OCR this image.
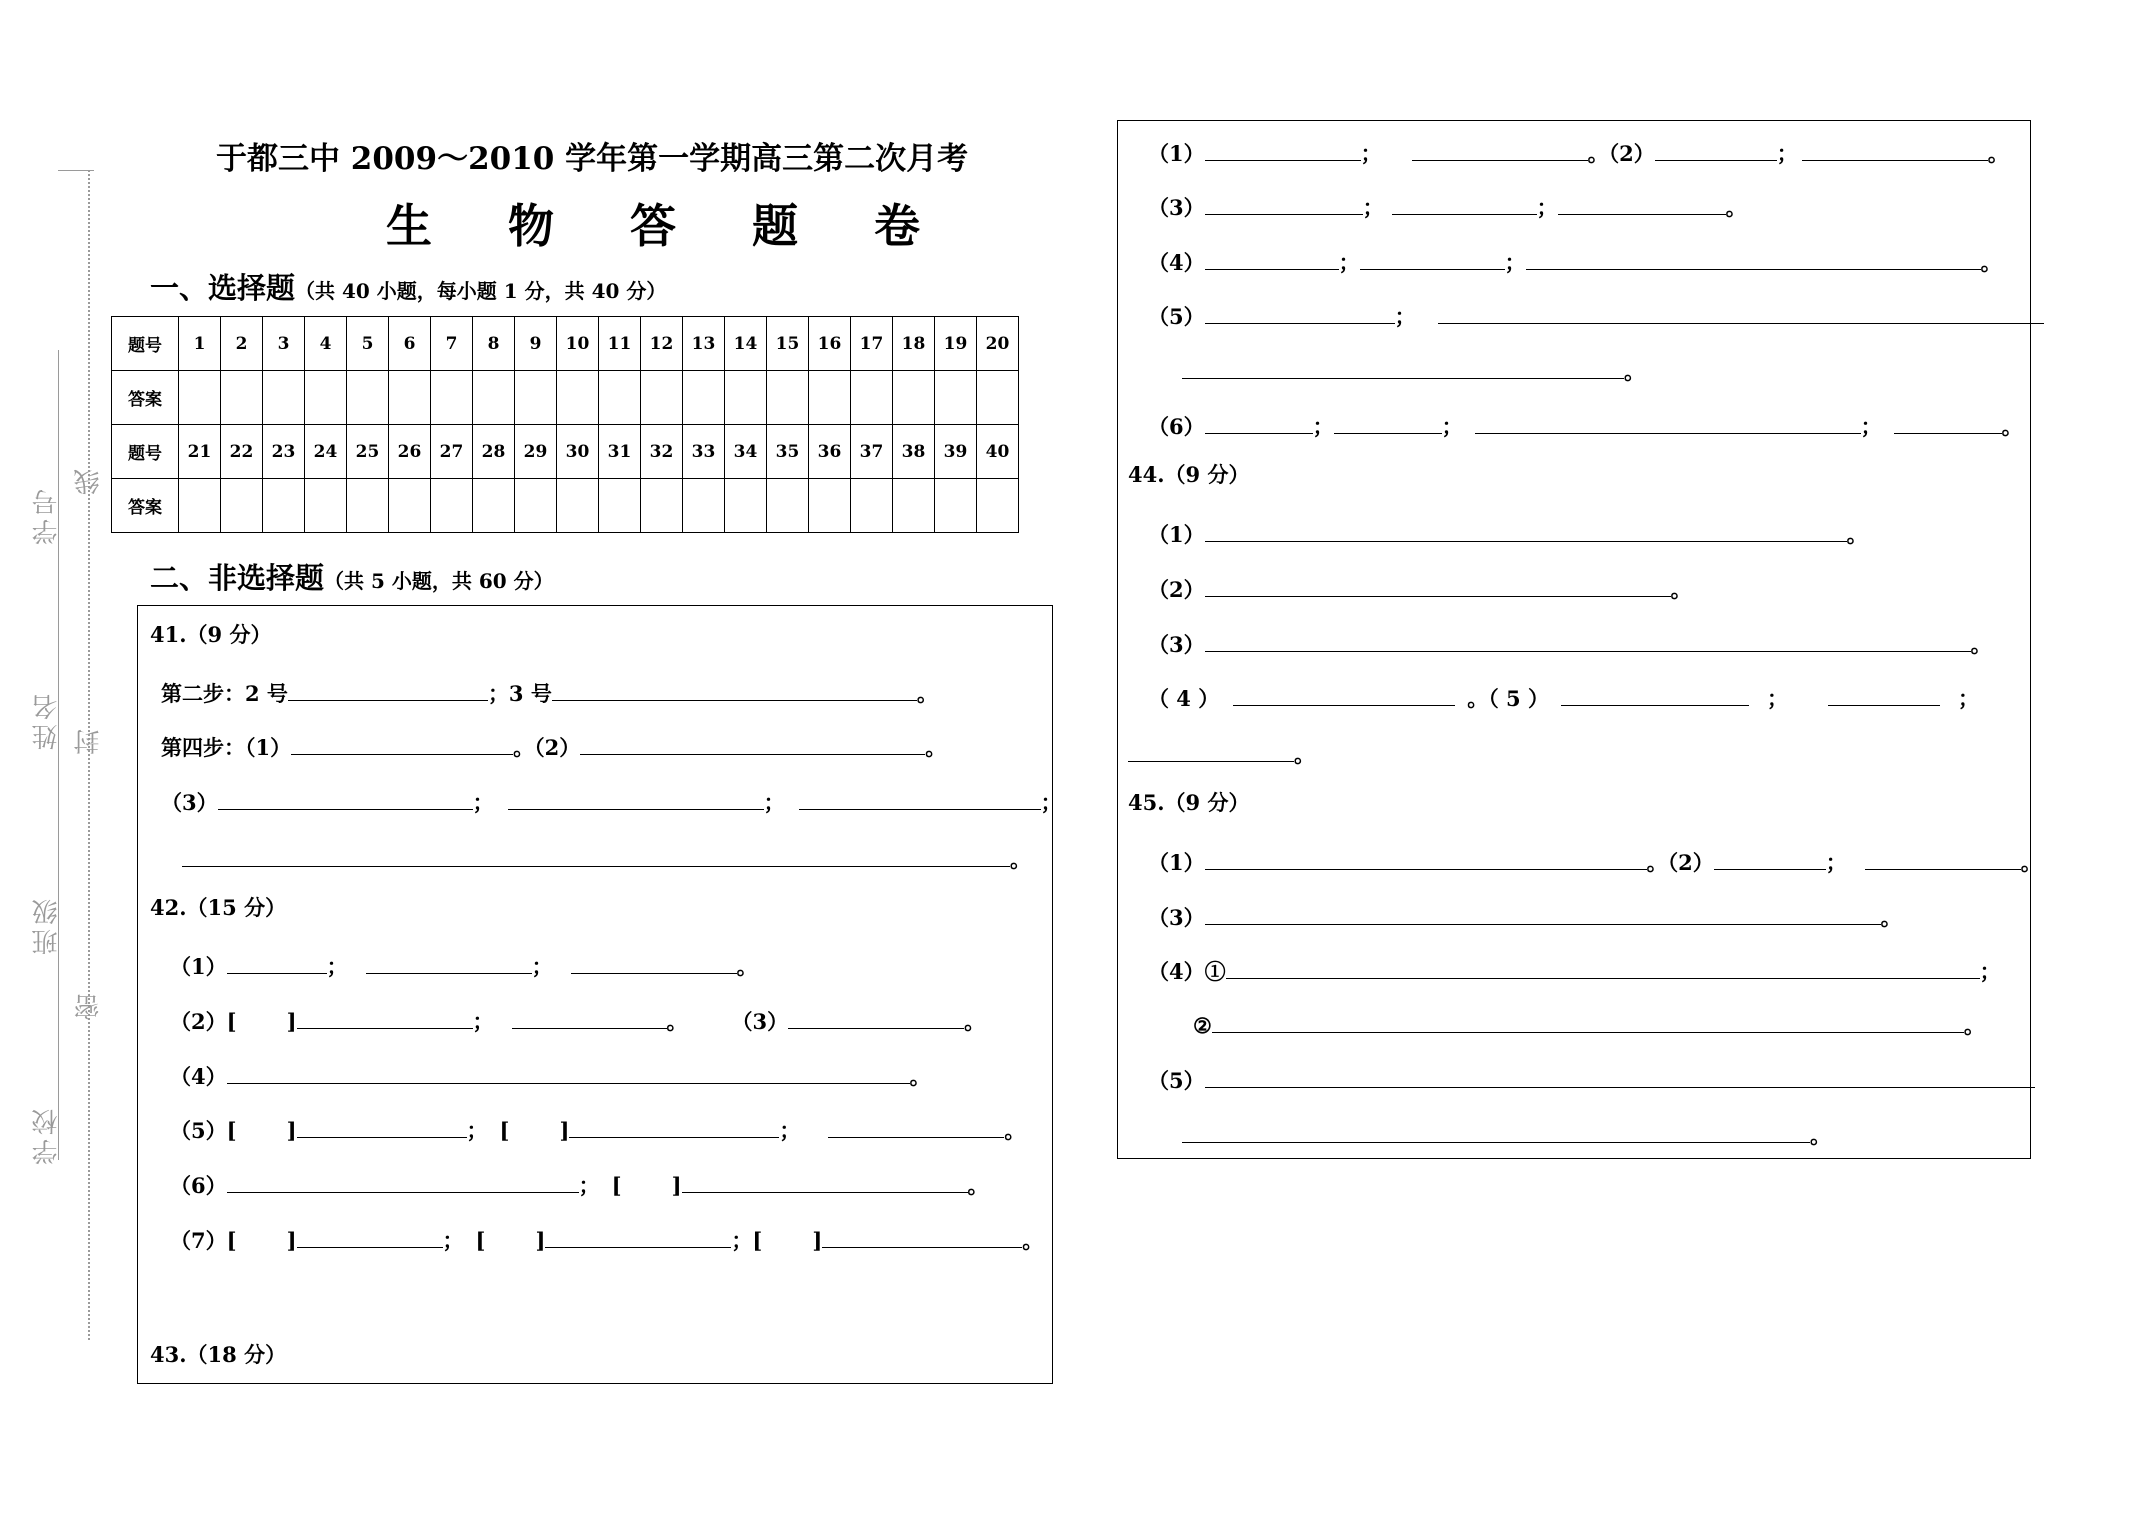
学校
班级
姓名
学号
密
封
线
于都三中 2009～2010 学年第一学期高三第二次月考
生 物 答 题 卷
一、选择题（共 40 小题，每小题 1 分，共 40 分）
题号	1	2	3	4	5	6	7	8	9	10	11	12	13	14	15	16	17	18	19	20
答案																				
题号	21	22	23	24	25	26	27	28	29	30	31	32	33	34	35	36	37	38	39	40
答案																				
二、非选择题（共 5 小题，共 60 分）
41.（9 分）
第二步：2 号	；3 号	。
第四步：（1）	。（2）	。
（3）	；	；	；
。
42.（15 分）
（1）	；	；	。
（2）[ ]	；	。 （3）	。
（4）	。
（5）[ ]	； [ ]	；	。
（6）	； [ ]	。
（7）[ ]	； [ ]	；[ ]	。
43.（18 分）
（1）	；	。（2）	；	。
（3）	；	；	。
（4）	；	；	。
（5）	；
。
（6）	；	；	；	。
44.（9 分）
（1）	。
（2）	。
（3）	。
（ 4 ）	。（ 5 ）	；	；
。
45.（9 分）
（1）	。（2）	；	。
（3）	。
（4）①	；
②	。
（5）
。
